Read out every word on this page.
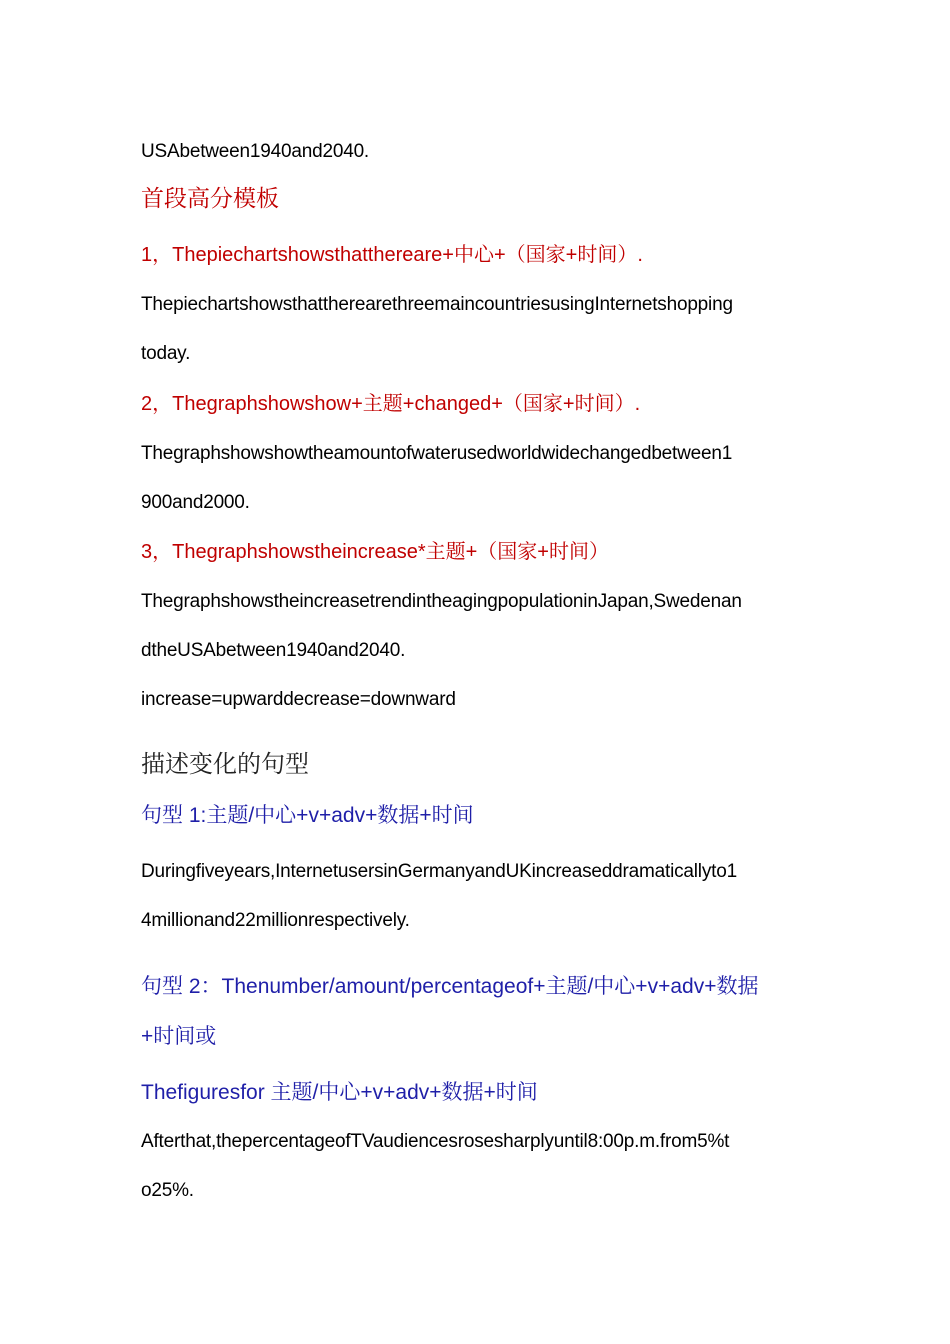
USAbetween1940and2040.
首段高分模板
1，Thepiechartshowsthatthereare+中心+（国家+时间）.
ThepiechartshowsthattherearethreemaincountriesusingInternetshopping
today.
2，Thegraphshowshow+主题+changed+（国家+时间）.
Thegraphshowshowtheamountofwaterusedworldwidechangedbetween1
900and2000.
3，Thegraphshowstheincrease*主题+（国家+时间）
ThegraphshowstheincreasetrendintheagingpopulationinJapan,Swedenan
dtheUSAbetween1940and2040.
increase=upwarddecrease=downward
描述变化的句型
句型 1:主题/中心+v+adv+数据+时间
Duringfiveyears,InternetusersinGermanyandUKincreaseddramaticallyto1
4millionand22millionrespectively.
句型 2：Thenumber/amount/percentageof+主题/中心+v+adv+数据
+时间或
Thefiguresfor 主题/中心+v+adv+数据+时间
Afterthat,thepercentageofTVaudiencesrosesharplyuntil8:00p.m.from5%t
o25%.
